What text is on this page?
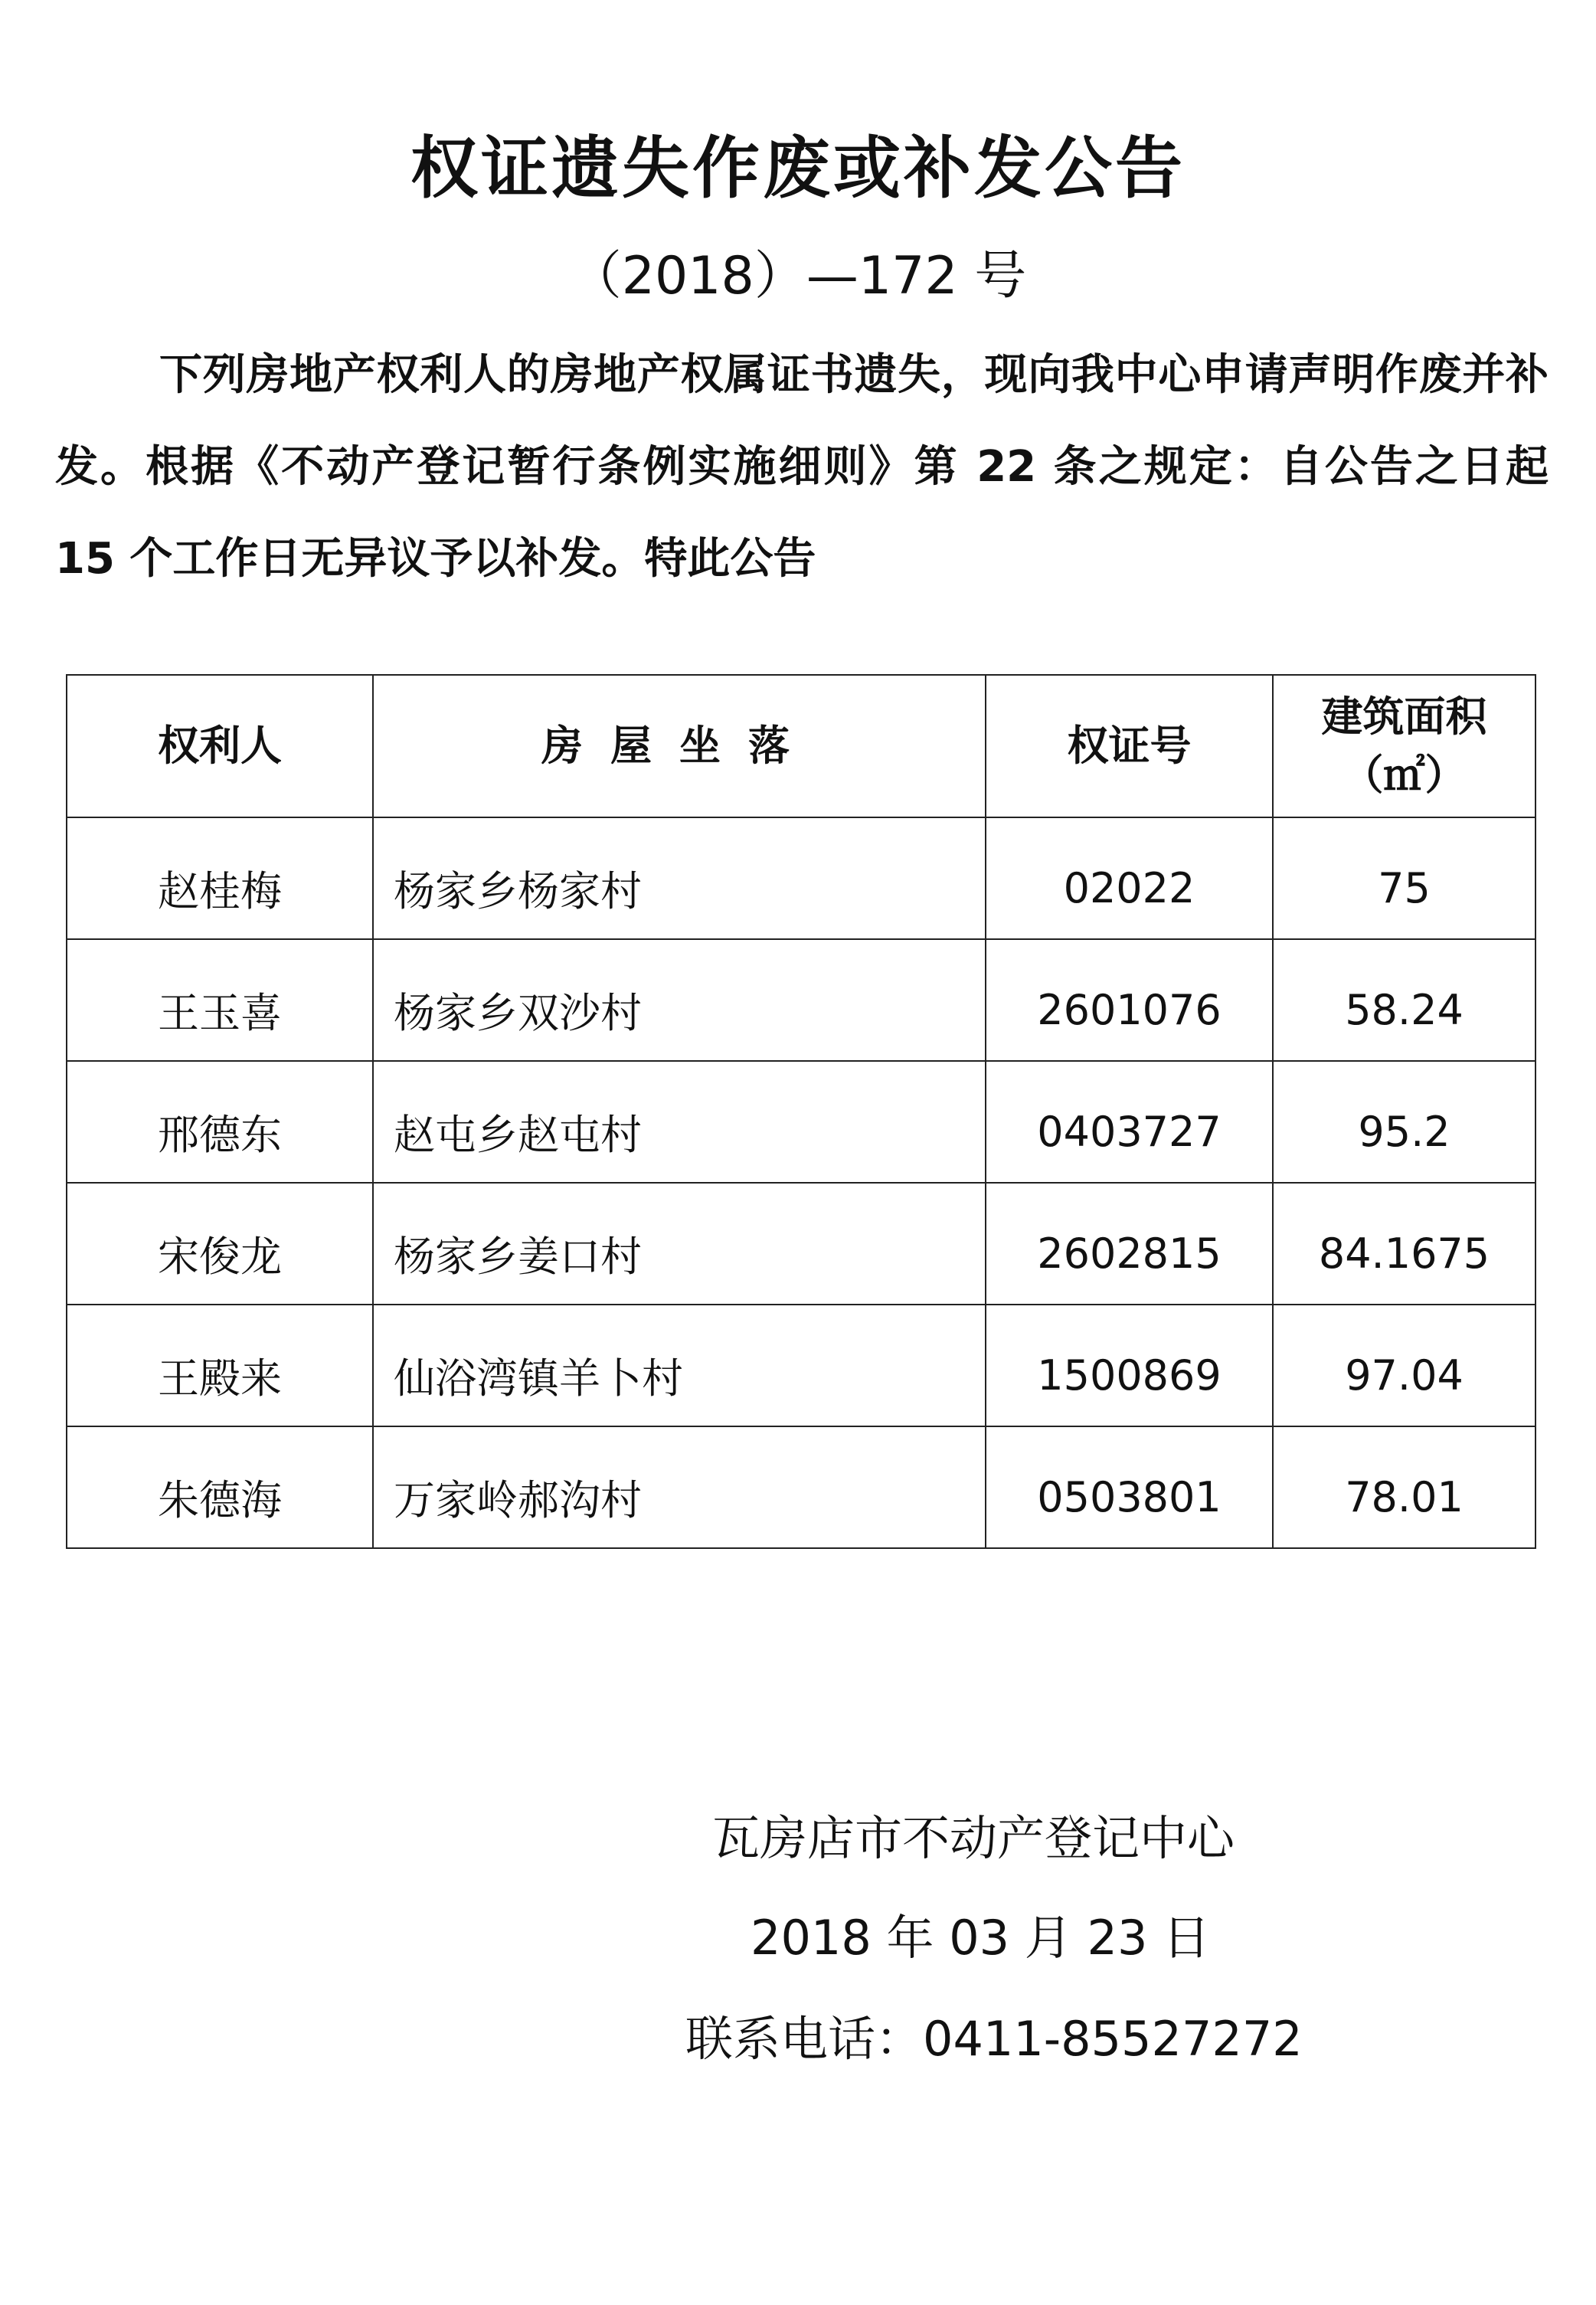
权证遗失作废或补发公告
（2018）—172 号
下列房地产权利人的房地产权属证书遗失，现向我中心申请声明作废并补发。根据《不动产登记暂行条例实施细则》第 22 条之规定：自公告之日起 15 个工作日无异议予以补发。特此公告
权利人	房屋坐落	权证号	建筑面积
（㎡）

赵桂梅	杨家乡杨家村	02022	75
王玉喜	杨家乡双沙村	2601076	58.24
邢德东	赵屯乡赵屯村	0403727	95.2
宋俊龙	杨家乡姜口村	2602815	84.1675
王殿来	仙浴湾镇羊卜村	1500869	97.04
朱德海	万家岭郝沟村	0503801	78.01
瓦房店市不动产登记中心
2018 年 03 月 23 日
联系电话：0411-85527272
